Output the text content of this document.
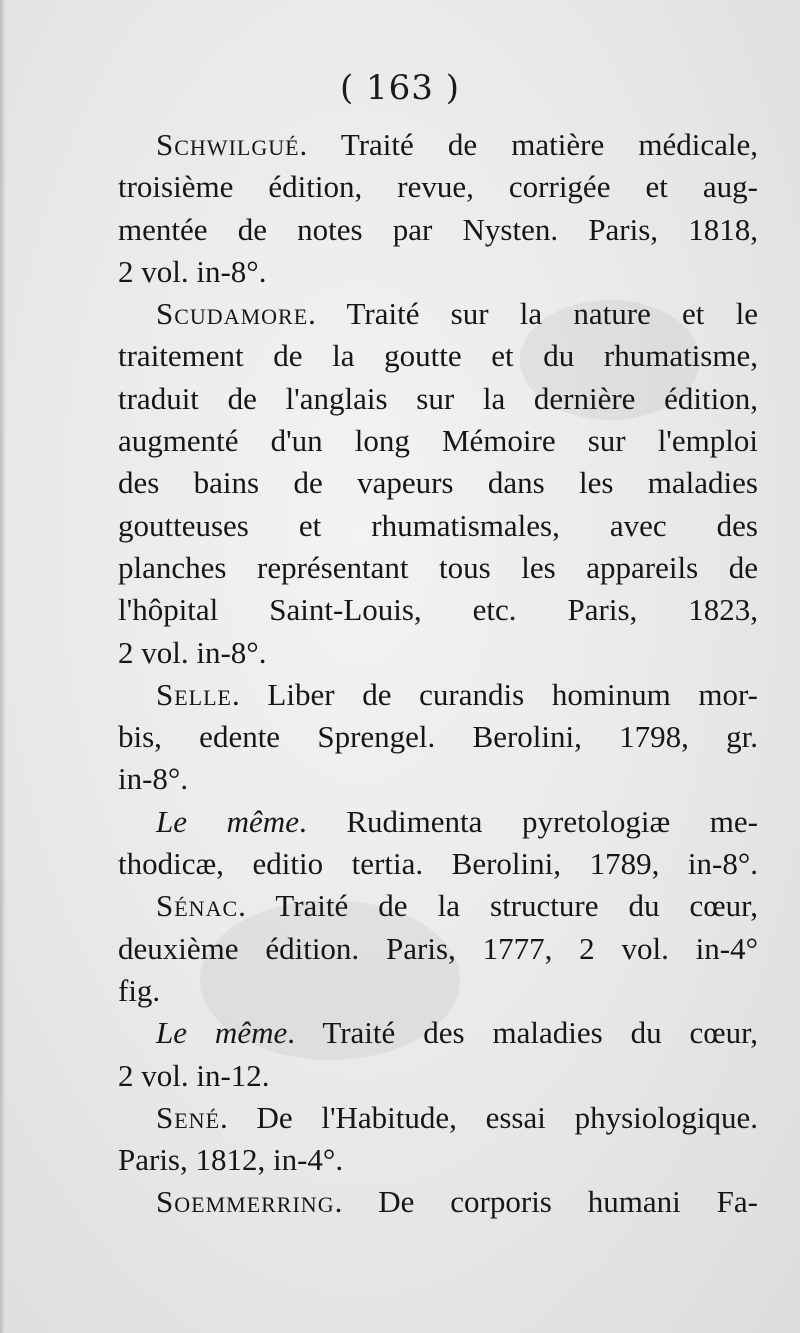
( 163 )
Schwilgué. Traité de matière médicale,
troisième édition, revue, corrigée et aug-
mentée de notes par Nysten. Paris, 1818,
2 vol. in-8°.
Scudamore. Traité sur la nature et le
traitement de la goutte et du rhumatisme,
traduit de l'anglais sur la dernière édition,
augmenté d'un long Mémoire sur l'emploi
des bains de vapeurs dans les maladies
goutteuses et rhumatismales, avec des
planches représentant tous les appareils de
l'hôpital Saint-Louis, etc. Paris, 1823,
2 vol. in-8°.
Selle. Liber de curandis hominum mor-
bis, edente Sprengel. Berolini, 1798, gr.
in-8°.
Le même. Rudimenta pyretologiæ me-
thodicæ, editio tertia. Berolini, 1789, in-8°.
Sénac. Traité de la structure du cœur,
deuxième édition. Paris, 1777, 2 vol. in-4°
fig.
Le même. Traité des maladies du cœur,
2 vol. in-12.
Sené. De l'Habitude, essai physiologique.
Paris, 1812, in-4°.
Soemmerring. De corporis humani Fa-
